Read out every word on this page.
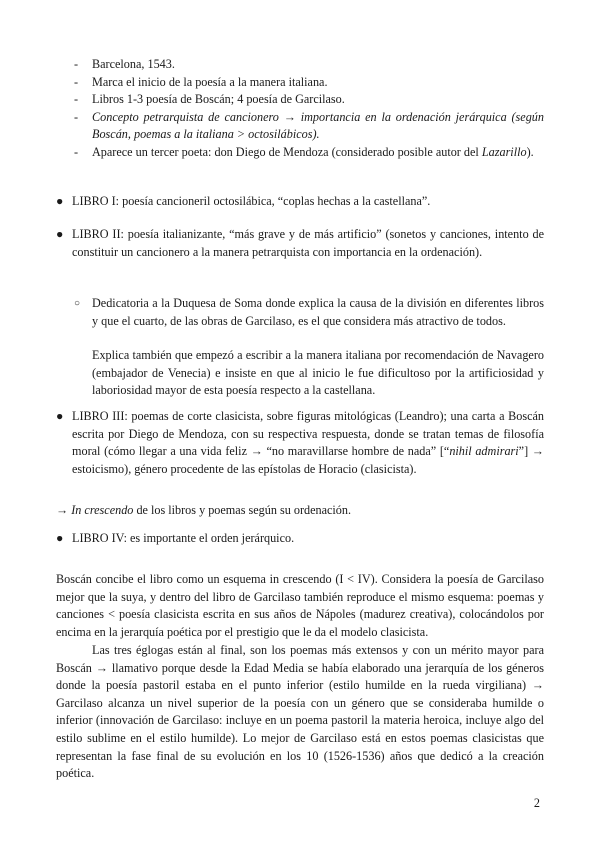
- Barcelona, 1543.
- Marca el inicio de la poesía a la manera italiana.
- Libros 1-3 poesía de Boscán; 4 poesía de Garcilaso.
- Concepto petrarquista de cancionero → importancia en la ordenación jerárquica (según Boscán, poemas a la italiana > octosilábicos).
- Aparece un tercer poeta: don Diego de Mendoza (considerado posible autor del Lazarillo).
● LIBRO I: poesía cancioneril octosilábica, “coplas hechas a la castellana”.
● LIBRO II: poesía italianizante, “más grave y de más artificio” (sonetos y canciones, intento de constituir un cancionero a la manera petrarquista con importancia en la ordenación).
○ Dedicatoria a la Duquesa de Soma donde explica la causa de la división en diferentes libros y que el cuarto, de las obras de Garcilaso, es el que considera más atractivo de todos.
Explica también que empezó a escribir a la manera italiana por recomendación de Navagero (embajador de Venecia) e insiste en que al inicio le fue dificultoso por la artificiosidad y laboriosidad mayor de esta poesía respecto a la castellana.
● LIBRO III: poemas de corte clasicista, sobre figuras mitológicas (Leandro); una carta a Boscán escrita por Diego de Mendoza, con su respectiva respuesta, donde se tratan temas de filosofía moral (cómo llegar a una vida feliz → “no maravillarse hombre de nada” [“nihil admirari”] → estoicismo), género procedente de las epístolas de Horacio (clasicista).
→ In crescendo de los libros y poemas según su ordenación.
● LIBRO IV: es importante el orden jerárquico.
Boscán concibe el libro como un esquema in crescendo (I < IV). Considera la poesía de Garcilaso mejor que la suya, y dentro del libro de Garcilaso también reproduce el mismo esquema: poemas y canciones < poesía clasicista escrita en sus años de Nápoles (madurez creativa), colocándolos por encima en la jerarquía poética por el prestigio que le da el modelo clasicista.
Las tres églogas están al final, son los poemas más extensos y con un mérito mayor para Boscán → llamativo porque desde la Edad Media se había elaborado una jerarquía de los géneros donde la poesía pastoril estaba en el punto inferior (estilo humilde en la rueda virgiliana) → Garcilaso alcanza un nivel superior de la poesía con un género que se consideraba humilde o inferior (innovación de Garcilaso: incluye en un poema pastoril la materia heroica, incluye algo del estilo sublime en el estilo humilde). Lo mejor de Garcilaso está en estos poemas clasicistas que representan la fase final de su evolución en los 10 (1526-1536) años que dedicó a la creación poética.
2
